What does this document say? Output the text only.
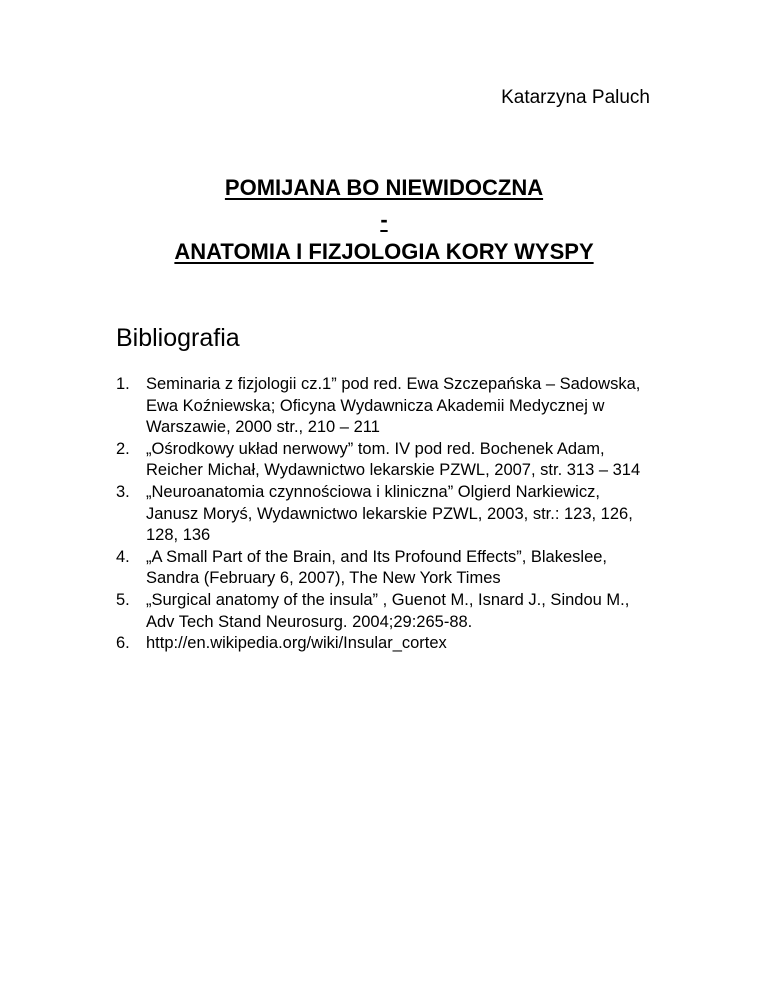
Katarzyna Paluch
POMIJANA BO NIEWIDOCZNA
-
ANATOMIA I FIZJOLOGIA KORY WYSPY
Bibliografia
1. Seminaria z fizjologii cz.1” pod red. Ewa Szczepańska – Sadowska, Ewa Koźniewska; Oficyna Wydawnicza Akademii Medycznej w Warszawie, 2000 str., 210 – 211
2. „Ośrodkowy układ nerwowy” tom. IV pod red. Bochenek Adam, Reicher Michał, Wydawnictwo lekarskie PZWL, 2007, str. 313 – 314
3. „Neuroanatomia czynnościowa i kliniczna” Olgierd Narkiewicz, Janusz Moryś, Wydawnictwo lekarskie PZWL, 2003, str.: 123, 126, 128, 136
4. „A Small Part of the Brain, and Its Profound Effects”, Blakeslee, Sandra (February 6, 2007), The New York Times
5. „Surgical anatomy of the insula” , Guenot M., Isnard J., Sindou M., Adv Tech Stand Neurosurg. 2004;29:265-88.
6. http://en.wikipedia.org/wiki/Insular_cortex
